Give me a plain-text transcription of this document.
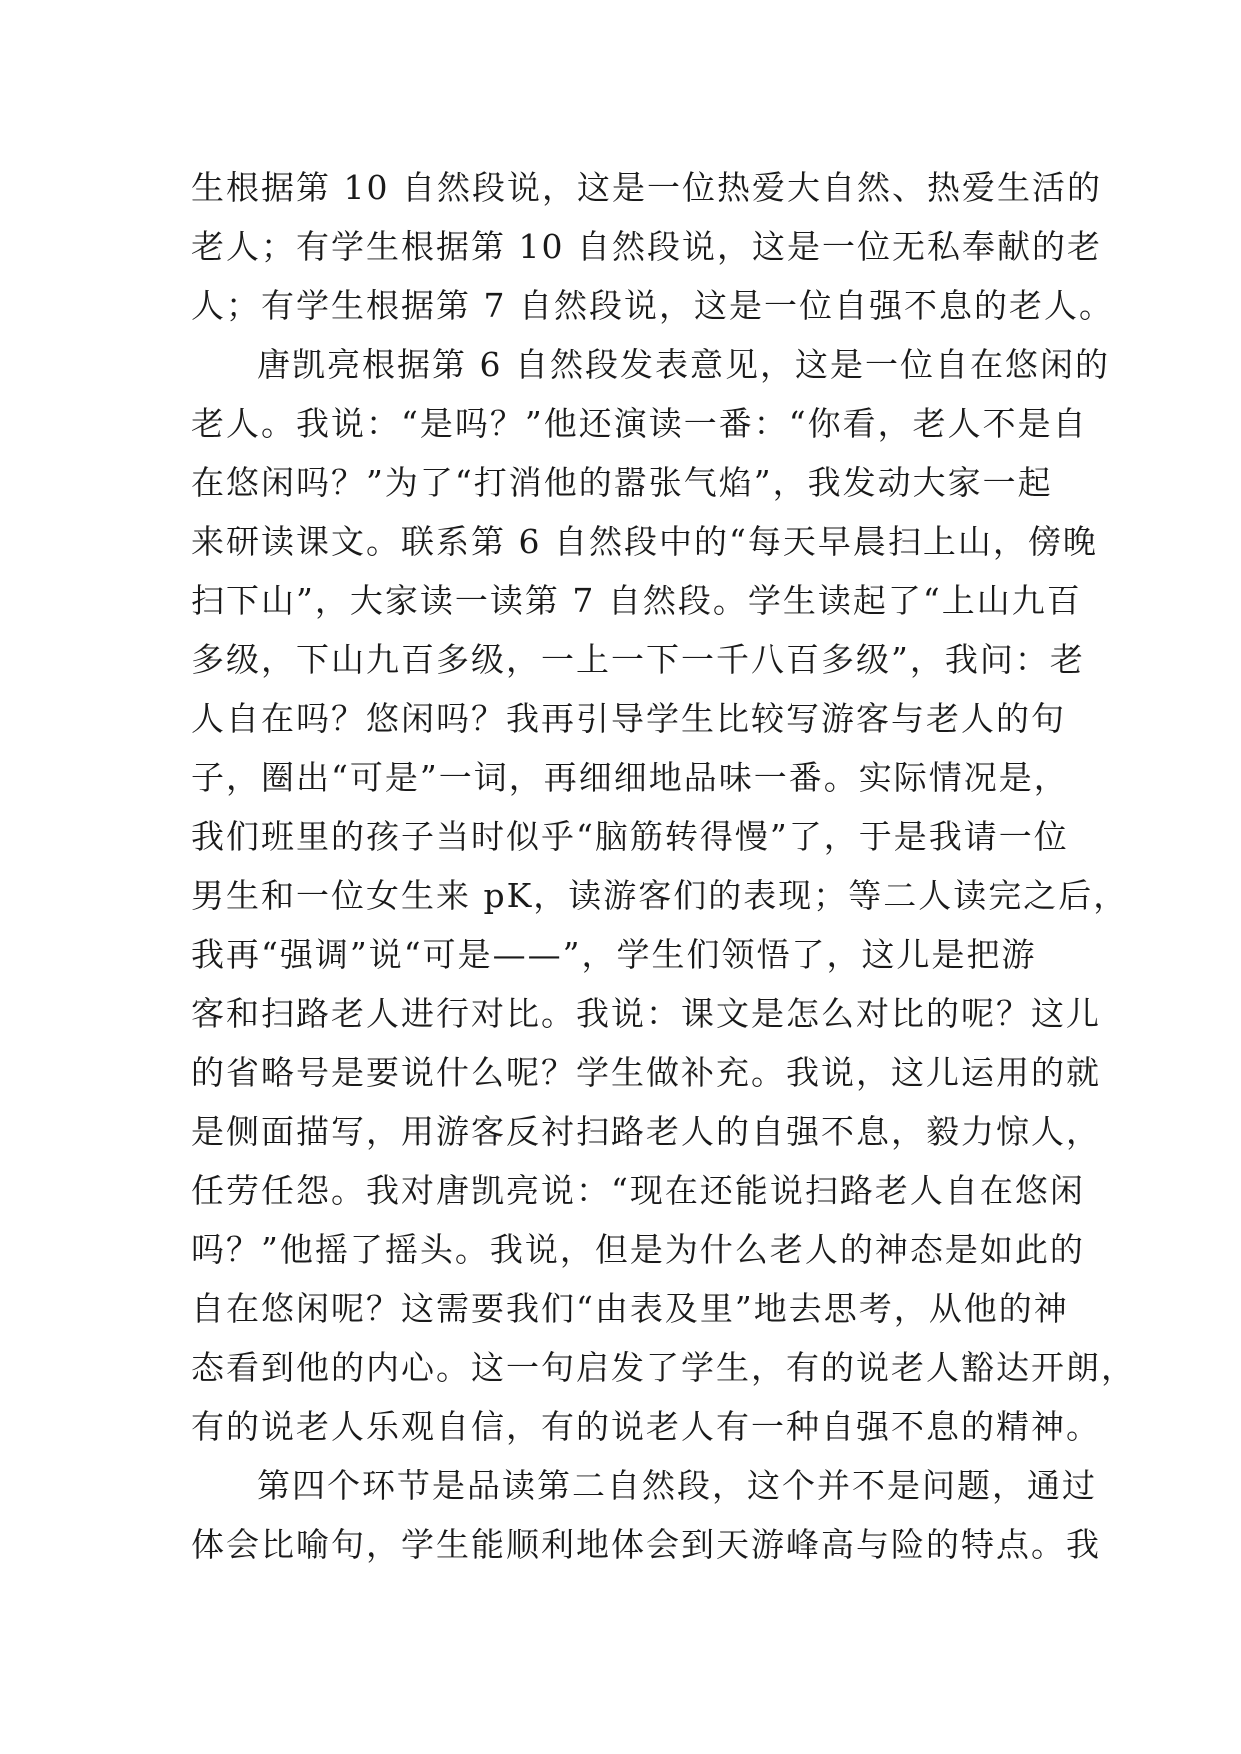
生根据第 10 自然段说，这是一位热爱大自然、热爱生活的
老人；有学生根据第 10 自然段说，这是一位无私奉献的老
人；有学生根据第 7 自然段说，这是一位自强不息的老人。
唐凯亮根据第 6 自然段发表意见，这是一位自在悠闲的
老人。我说：“是吗？”他还演读一番：“你看，老人不是自
在悠闲吗？”为了“打消他的嚣张气焰”，我发动大家一起
来研读课文。联系第 6 自然段中的“每天早晨扫上山，傍晚
扫下山”，大家读一读第 7 自然段。学生读起了“上山九百
多级，下山九百多级，一上一下一千八百多级”，我问：老
人自在吗？悠闲吗？我再引导学生比较写游客与老人的句
子，圈出“可是”一词，再细细地品味一番。实际情况是，
我们班里的孩子当时似乎“脑筋转得慢”了，于是我请一位
男生和一位女生来 pK，读游客们的表现；等二人读完之后，
我再“强调”说“可是——”，学生们领悟了，这儿是把游
客和扫路老人进行对比。我说：课文是怎么对比的呢？这儿
的省略号是要说什么呢？学生做补充。我说，这儿运用的就
是侧面描写，用游客反衬扫路老人的自强不息，毅力惊人，
任劳任怨。我对唐凯亮说：“现在还能说扫路老人自在悠闲
吗？”他摇了摇头。我说，但是为什么老人的神态是如此的
自在悠闲呢？这需要我们“由表及里”地去思考，从他的神
态看到他的内心。这一句启发了学生，有的说老人豁达开朗，
有的说老人乐观自信，有的说老人有一种自强不息的精神。
第四个环节是品读第二自然段，这个并不是问题，通过
体会比喻句，学生能顺利地体会到天游峰高与险的特点。我
